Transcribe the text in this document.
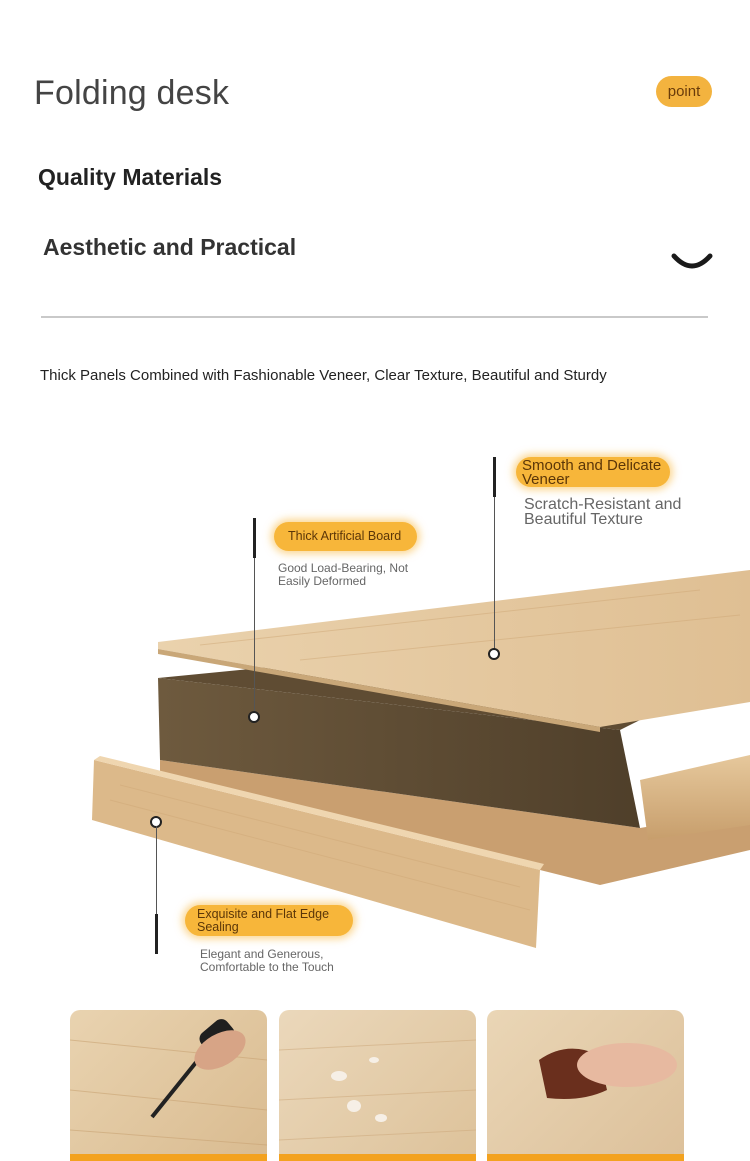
Folding desk	point
Quality Materials
Aesthetic and Practical
Thick Panels Combined with Fashionable Veneer, Clear Texture, Beautiful and Sturdy
Smooth and Delicate Veneer
Scratch-Resistant and Beautiful Texture
Thick Artificial Board
Good Load-Bearing, Not Easily Deformed
Exquisite and Flat Edge Sealing
Elegant and Generous, Comfortable to the Touch
